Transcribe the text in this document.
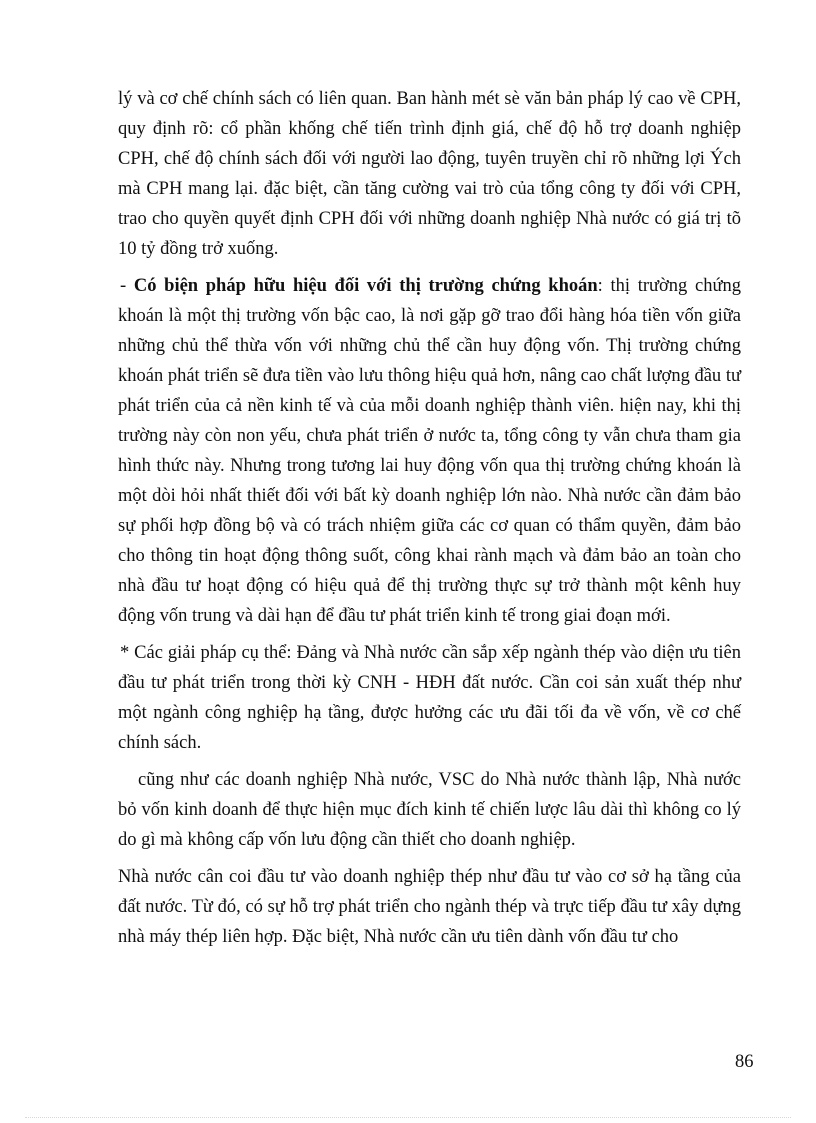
lý và cơ chế chính sách có liên quan. Ban hành mét sè văn bản pháp lý cao về CPH, quy định rõ: cổ phần khống chế tiến trình định giá, chế độ hỗ trợ doanh nghiệp CPH, chế độ chính sách đối với người lao động, tuyên truyền chỉ rõ những lợi Ých mà CPH mang lại. đặc biệt, cần tăng cường vai trò của tổng công ty đối với CPH, trao cho quyền quyết định CPH đối với những doanh nghiệp Nhà nước có giá trị tõ 10 tỷ đồng trở xuống.

- Có biện pháp hữu hiệu đối với thị trường chứng khoán: thị trường chứng khoán là một thị trường vốn bậc cao, là nơi gặp gỡ trao đổi hàng hóa tiền vốn giữa những chủ thể thừa vốn với những chủ thể cần huy động vốn. Thị trường chứng khoán phát triển sẽ đưa tiền vào lưu thông hiệu quả hơn, nâng cao chất lượng đầu tư phát triển của cả nền kinh tế và của mỗi doanh nghiệp thành viên. hiện nay, khi thị trường này còn non yếu, chưa phát triển ở nước ta, tổng công ty vẫn chưa tham gia hình thức này. Nhưng trong tương lai huy động vốn qua thị trường chứng khoán là một dòi hỏi nhất thiết đối với bất kỳ doanh nghiệp lớn nào. Nhà nước cần đảm bảo sự phối hợp đồng bộ và có trách nhiệm giữa các cơ quan có thẩm quyền, đảm bảo cho thông tin hoạt động thông suốt, công khai rành mạch và đảm bảo an toàn cho nhà đầu tư hoạt động có hiệu quả để thị trường thực sự trở thành một kênh huy động vốn trung và dài hạn để đầu tư phát triển kinh tế trong giai đoạn mới.

* Các giải pháp cụ thể: Đảng và Nhà nước cần sắp xếp ngành thép vào diện ưu tiên đầu tư phát triển trong thời kỳ CNH - HĐH đất nước. Cần coi sản xuất thép như một ngành công nghiệp hạ tầng, được hưởng các ưu đãi tối đa về vốn, về cơ chế chính sách.

cũng như các doanh nghiệp Nhà nước, VSC do Nhà nước thành lập, Nhà nước bỏ vốn kinh doanh để thực hiện mục đích kinh tế chiến lược lâu dài thì không co lý do gì mà không cấp vốn lưu động cần thiết cho doanh nghiệp.

Nhà nước cân coi đầu tư vào doanh nghiệp thép như đầu tư vào cơ sở hạ tầng của đất nước. Từ đó, có sự hỗ trợ phát triển cho ngành thép và trực tiếp đầu tư xây dựng nhà máy thép liên hợp. Đặc biệt, Nhà nước cần ưu tiên dành vốn đầu tư cho

86
